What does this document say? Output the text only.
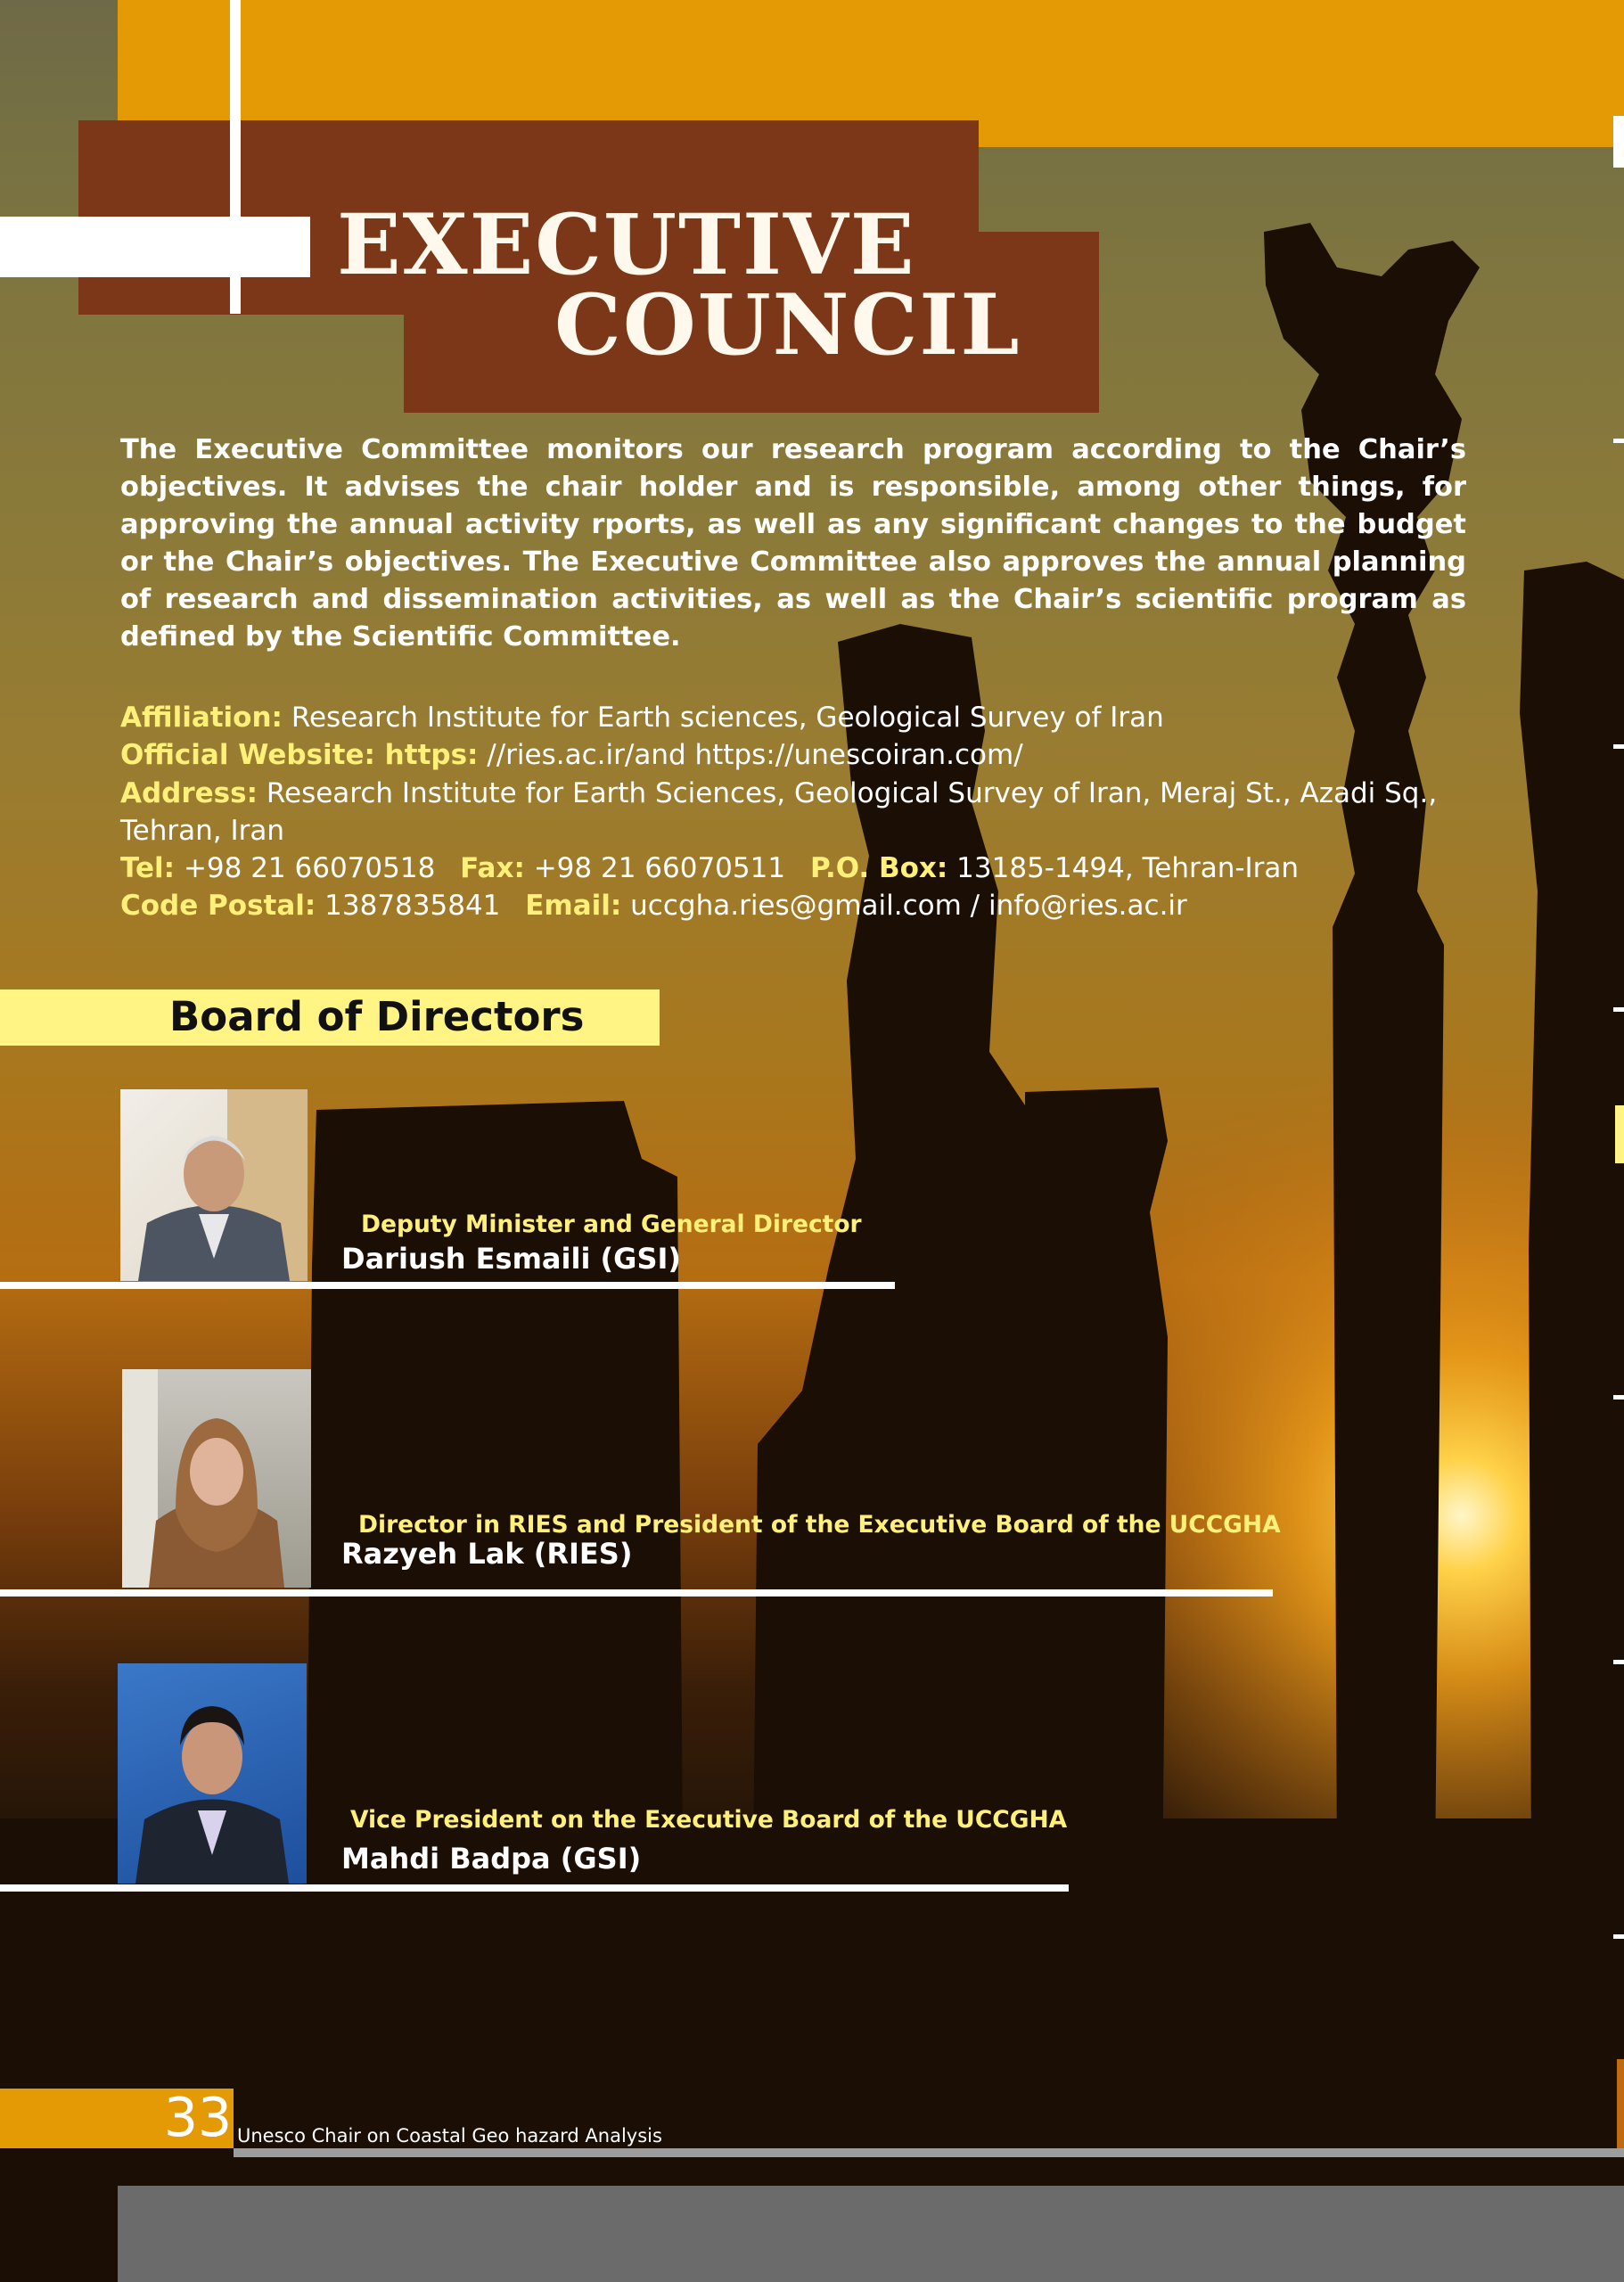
EXECUTIVE
COUNCIL

The Executive Committee monitors our research program according to the Chair’s objectives. It advises the chair holder and is responsible, among other things, for approving the annual activity rports, as well as any significant changes to the budget or the Chair’s objectives. The Executive Committee also approves the annual planning of research and dissemination activities, as well as the Chair’s scientific program as defined by the Scientific Committee.

Affiliation: Research Institute for Earth sciences, Geological Survey of Iran
Official Website: https: //ries.ac.ir/and https://unescoiran.com/
Address: Research Institute for Earth Sciences, Geological Survey of Iran, Meraj St., Azadi Sq.,
Tehran, Iran
Tel: +98 21 66070518 Fax: +98 21 66070511 P.O. Box: 13185-1494, Tehran-Iran
Code Postal: 1387835841 Email: uccgha.ries@gmail.com / info@ries.ac.ir
Board of Directors
Deputy Minister and General Director
Dariush Esmaili (GSI)
Director in RIES and President of the Executive Board of the UCCGHA
Razyeh Lak (RIES)
Vice President on the Executive Board of the UCCGHA
Mahdi Badpa (GSI)
33 Unesco Chair on Coastal Geo hazard Analysis
